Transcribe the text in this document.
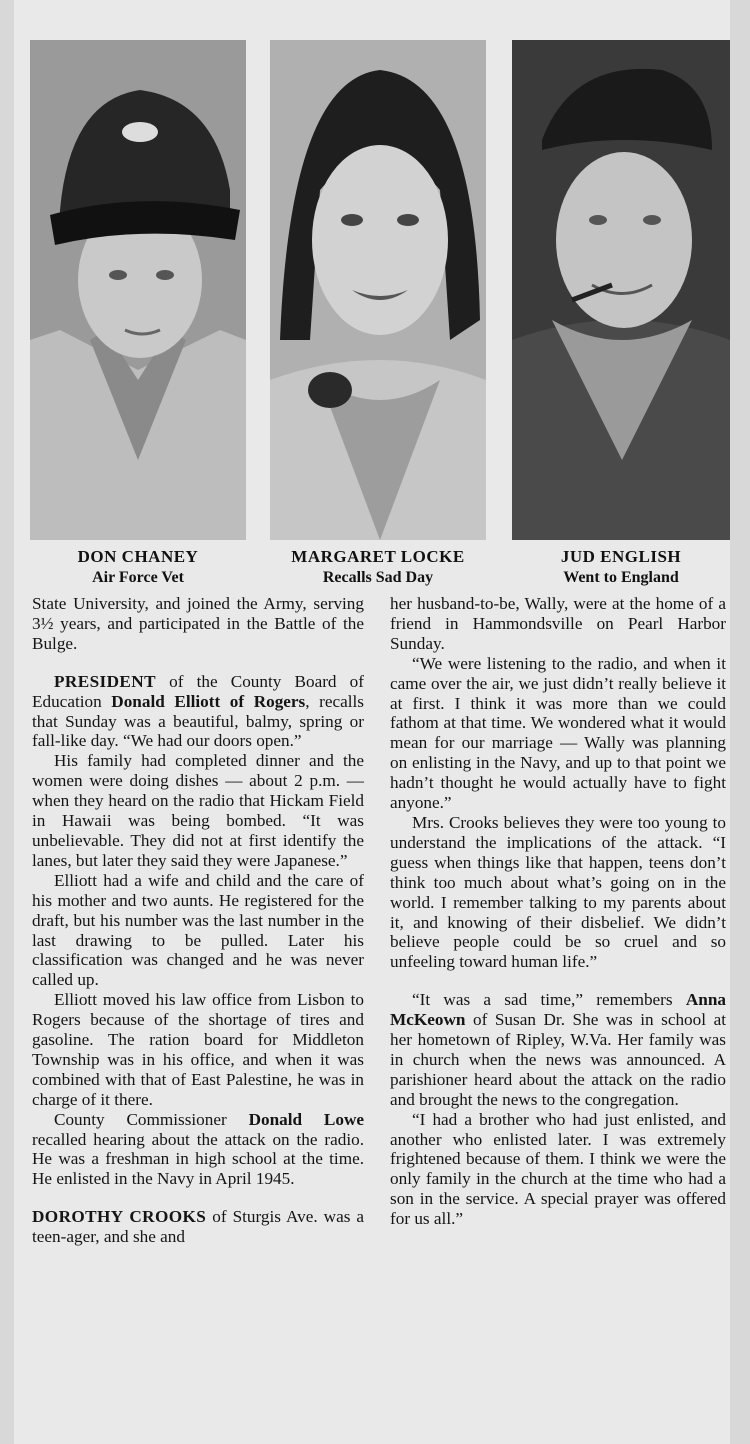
DON CHANEY
Air Force Vet
MARGARET LOCKE
Recalls Sad Day
JUD ENGLISH
Went to England

State University, and joined the Army, serving 3½ years, and participated in the Battle of the Bulge.

PRESIDENT of the County Board of Education Donald Elliott of Rogers, recalls that Sunday was a beautiful, balmy, spring or fall-like day. “We had our doors open.”

His family had completed dinner and the women were doing dishes — about 2 p.m. — when they heard on the radio that Hickam Field in Hawaii was being bombed. “It was unbelievable. They did not at first identify the lanes, but later they said they were Japanese.”

Elliott had a wife and child and the care of his mother and two aunts. He registered for the draft, but his number was the last number in the last drawing to be pulled. Later his classification was changed and he was never called up.

Elliott moved his law office from Lisbon to Rogers because of the shortage of tires and gasoline. The ration board for Middleton Township was in his office, and when it was combined with that of East Palestine, he was in charge of it there.

County Commissioner Donald Lowe recalled hearing about the attack on the radio. He was a freshman in high school at the time. He enlisted in the Navy in April 1945.

DOROTHY CROOKS of Sturgis Ave. was a teen-ager, and she and

her husband-to-be, Wally, were at the home of a friend in Hammondsville on Pearl Harbor Sunday.

“We were listening to the radio, and when it came over the air, we just didn’t really believe it at first. I think it was more than we could fathom at that time. We wondered what it would mean for our marriage — Wally was planning on enlisting in the Navy, and up to that point we hadn’t thought he would actually have to fight anyone.”

Mrs. Crooks believes they were too young to understand the implications of the attack. “I guess when things like that happen, teens don’t think too much about what’s going on in the world. I remember talking to my parents about it, and knowing of their disbelief. We didn’t believe people could be so cruel and so unfeeling toward human life.”

“It was a sad time,” remembers Anna McKeown of Susan Dr. She was in school at her hometown of Ripley, W.Va. Her family was in church when the news was announced. A parishioner heard about the attack on the radio and brought the news to the congregation.

“I had a brother who had just enlisted, and another who enlisted later. I was extremely frightened because of them. I think we were the only family in the church at the time who had a son in the service. A special prayer was offered for us all.”
